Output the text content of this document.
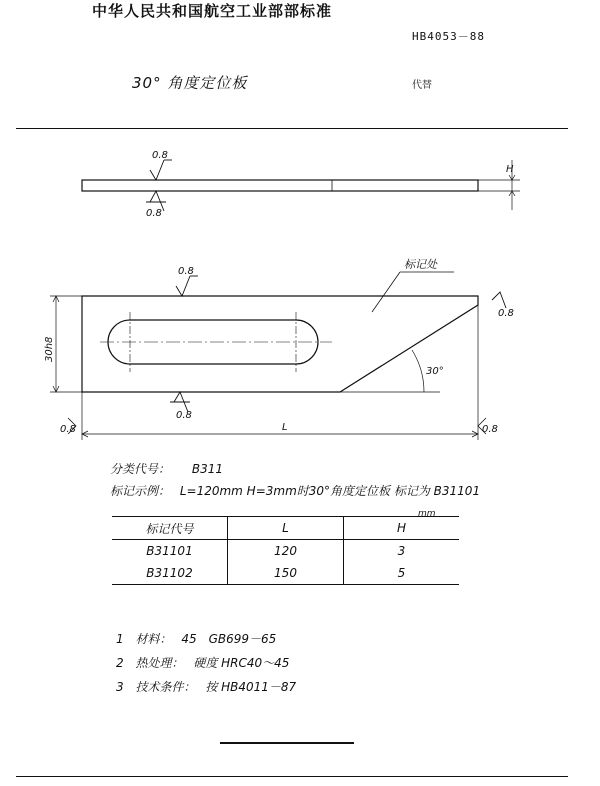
中华人民共和国航空工业部部标准
HB4053－88
30° 角度定位板	代替
0.8
0.8
0.8
0.8
0.8
0.8	0.8
H
30h8
L
30°
标记处
分类代号： B311
标记示例： L=120mm H=3mm时30°角度定位板 标记为 B31101
mm
标记代号	L	H
B31101	120	3
B31102	150	5
1 材料： 45　GB699－65
2 热处理： 硬度 HRC40～45
3 技术条件： 按 HB4011－87
